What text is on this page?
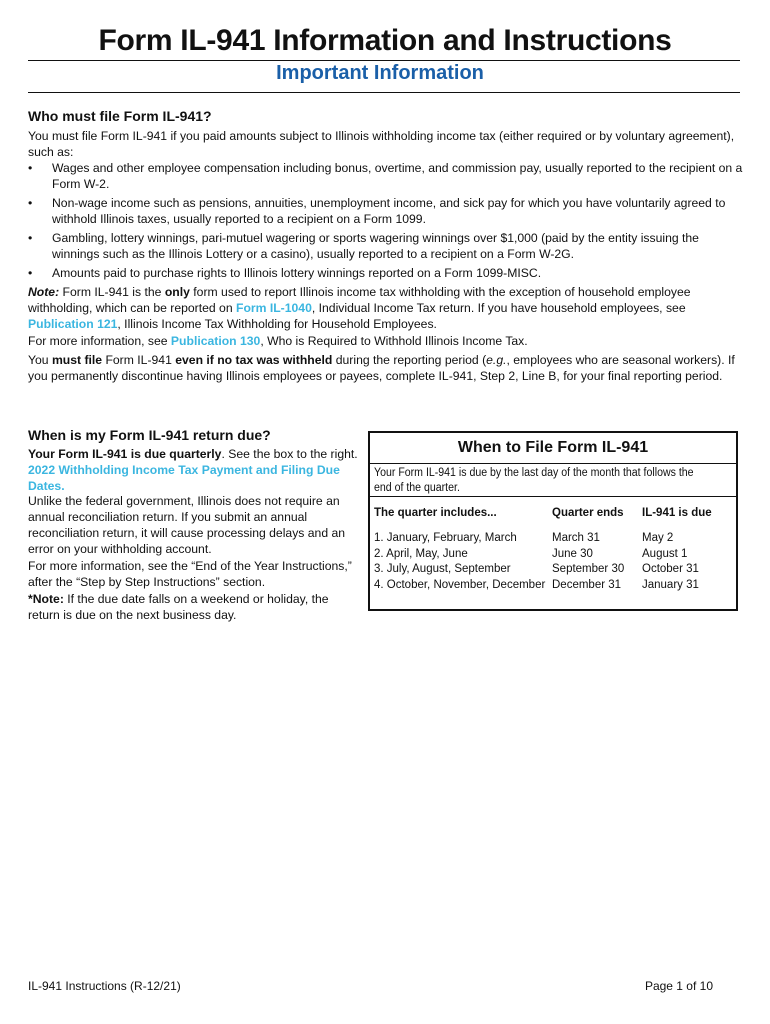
Form IL-941 Information and Instructions
Important Information
Who must file Form IL-941?

You must file Form IL-941 if you paid amounts subject to Illinois withholding income tax (either required or by voluntary agreement), such as:

• Wages and other employee compensation including bonus, overtime, and commission pay, usually reported to the recipient on a Form W-2.
• Non-wage income such as pensions, annuities, unemployment income, and sick pay for which you have voluntarily agreed to withhold Illinois taxes, usually reported to a recipient on a Form 1099.
• Gambling, lottery winnings, pari-mutuel wagering or sports wagering winnings over $1,000 (paid by the entity issuing the winnings such as the Illinois Lottery or a casino), usually reported to a recipient on a Form W-2G.
• Amounts paid to purchase rights to Illinois lottery winnings reported on a Form 1099-MISC.

Note: Form IL-941 is the only form used to report Illinois income tax withholding with the exception of household employee withholding, which can be reported on Form IL-1040, Individual Income Tax return. If you have household employees, see Publication 121, Illinois Income Tax Withholding for Household Employees.

For more information, see Publication 130, Who is Required to Withhold Illinois Income Tax.

You must file Form IL-941 even if no tax was withheld during the reporting period (e.g., employees who are seasonal workers). If you permanently discontinue having Illinois employees or payees, complete IL-941, Step 2, Line B, for your final reporting period.

When is my Form IL-941 return due?

Your Form IL-941 is due quarterly. See the box to the right. 2022 Withholding Income Tax Payment and Filing Due Dates.

Unlike the federal government, Illinois does not require an annual reconciliation return. If you submit an annual reconciliation return, it will cause processing delays and an error on your withholding account.

For more information, see the “End of the Year Instructions,” after the “Step by Step Instructions” section.

*Note: If the due date falls on a weekend or holiday, the return is due on the next business day.

When to File Form IL-941

Your Form IL-941 is due by the last day of the month that follows the end of the quarter.

The quarter includes...	Quarter ends	IL-941 is due
1. January, February, March	March 31	May 2
2. April, May, June	June 30	August 1
3. July, August, September	September 30	October 31
4. October, November, December	December 31	January 31

IL-941 Instructions (R-12/21)	Page 1 of 10
